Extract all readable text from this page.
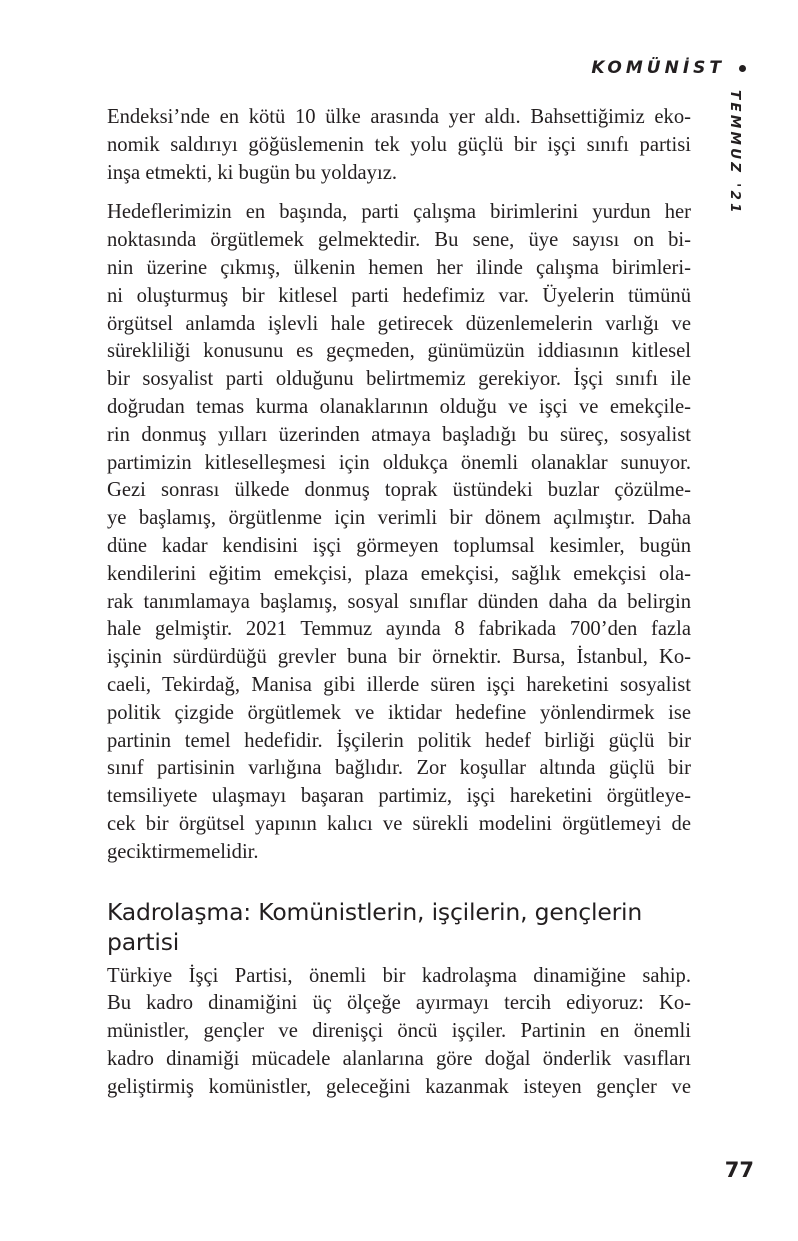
KOMÜNİST
TEMMUZ '21

Endeksi’nde en kötü 10 ülke arasında yer aldı. Bahsettiğimiz eko-
nomik saldırıyı göğüslemenin tek yolu güçlü bir işçi sınıfı partisi
inşa etmekti, ki bugün bu yoldayız.

Hedeflerimizin en başında, parti çalışma birimlerini yurdun her
noktasında örgütlemek gelmektedir. Bu sene, üye sayısı on bi-
nin üzerine çıkmış, ülkenin hemen her ilinde çalışma birimleri-
ni oluşturmuş bir kitlesel parti hedefimiz var. Üyelerin tümünü
örgütsel anlamda işlevli hale getirecek düzenlemelerin varlığı ve
sürekliliği konusunu es geçmeden, günümüzün iddiasının kitlesel
bir sosyalist parti olduğunu belirtmemiz gerekiyor. İşçi sınıfı ile
doğrudan temas kurma olanaklarının olduğu ve işçi ve emekçile-
rin donmuş yılları üzerinden atmaya başladığı bu süreç, sosyalist
partimizin kitleselleşmesi için oldukça önemli olanaklar sunuyor.
Gezi sonrası ülkede donmuş toprak üstündeki buzlar çözülme-
ye başlamış, örgütlenme için verimli bir dönem açılmıştır. Daha
düne kadar kendisini işçi görmeyen toplumsal kesimler, bugün
kendilerini eğitim emekçisi, plaza emekçisi, sağlık emekçisi ola-
rak tanımlamaya başlamış, sosyal sınıflar dünden daha da belirgin
hale gelmiştir. 2021 Temmuz ayında 8 fabrikada 700’den fazla
işçinin sürdürdüğü grevler buna bir örnektir. Bursa, İstanbul, Ko-
caeli, Tekirdağ, Manisa gibi illerde süren işçi hareketini sosyalist
politik çizgide örgütlemek ve iktidar hedefine yönlendirmek ise
partinin temel hedefidir. İşçilerin politik hedef birliği güçlü bir
sınıf partisinin varlığına bağlıdır. Zor koşullar altında güçlü bir
temsiliyete ulaşmayı başaran partimiz, işçi hareketini örgütleye-
cek bir örgütsel yapının kalıcı ve sürekli modelini örgütlemeyi de
geciktirmemelidir.

Kadrolaşma: Komünistlerin, işçilerin, gençlerin
partisi

Türkiye İşçi Partisi, önemli bir kadrolaşma dinamiğine sahip.
Bu kadro dinamiğini üç ölçeğe ayırmayı tercih ediyoruz: Ko-
münistler, gençler ve direnişçi öncü işçiler. Partinin en önemli
kadro dinamiği mücadele alanlarına göre doğal önderlik vasıfları
geliştirmiş komünistler, geleceğini kazanmak isteyen gençler ve

77
